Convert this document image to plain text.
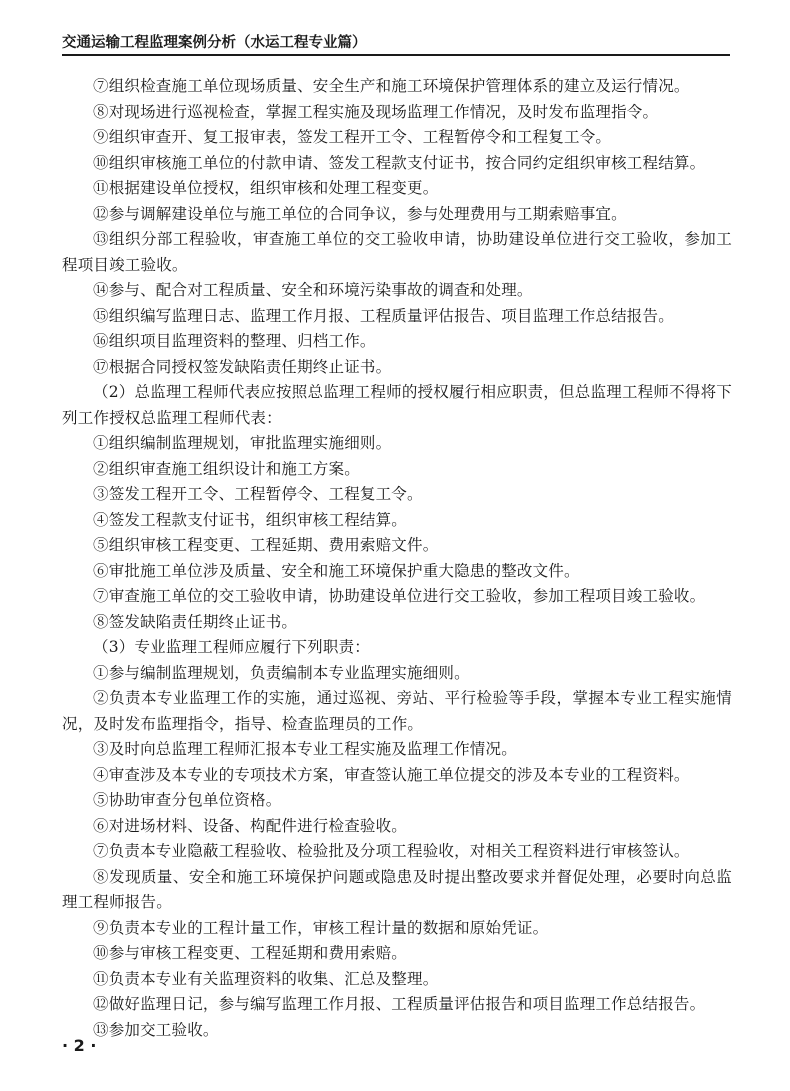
交通运输工程监理案例分析（水运工程专业篇）

⑦组织检查施工单位现场质量、安全生产和施工环境保护管理体系的建立及运行情况。

⑧对现场进行巡视检查，掌握工程实施及现场监理工作情况，及时发布监理指令。

⑨组织审查开、复工报审表，签发工程开工令、工程暂停令和工程复工令。

⑩组织审核施工单位的付款申请、签发工程款支付证书，按合同约定组织审核工程结算。

⑪根据建设单位授权，组织审核和处理工程变更。

⑫参与调解建设单位与施工单位的合同争议，参与处理费用与工期索赔事宜。

⑬组织分部工程验收，审查施工单位的交工验收申请，协助建设单位进行交工验收，参加工程项目竣工验收。

⑭参与、配合对工程质量、安全和环境污染事故的调查和处理。

⑮组织编写监理日志、监理工作月报、工程质量评估报告、项目监理工作总结报告。

⑯组织项目监理资料的整理、归档工作。

⑰根据合同授权签发缺陷责任期终止证书。

（2）总监理工程师代表应按照总监理工程师的授权履行相应职责，但总监理工程师不得将下列工作授权总监理工程师代表：

①组织编制监理规划，审批监理实施细则。

②组织审查施工组织设计和施工方案。

③签发工程开工令、工程暂停令、工程复工令。

④签发工程款支付证书，组织审核工程结算。

⑤组织审核工程变更、工程延期、费用索赔文件。

⑥审批施工单位涉及质量、安全和施工环境保护重大隐患的整改文件。

⑦审查施工单位的交工验收申请，协助建设单位进行交工验收，参加工程项目竣工验收。

⑧签发缺陷责任期终止证书。

（3）专业监理工程师应履行下列职责：

①参与编制监理规划，负责编制本专业监理实施细则。

②负责本专业监理工作的实施，通过巡视、旁站、平行检验等手段，掌握本专业工程实施情况，及时发布监理指令，指导、检查监理员的工作。

③及时向总监理工程师汇报本专业工程实施及监理工作情况。

④审查涉及本专业的专项技术方案，审查签认施工单位提交的涉及本专业的工程资料。

⑤协助审查分包单位资格。

⑥对进场材料、设备、构配件进行检查验收。

⑦负责本专业隐蔽工程验收、检验批及分项工程验收，对相关工程资料进行审核签认。

⑧发现质量、安全和施工环境保护问题或隐患及时提出整改要求并督促处理，必要时向总监理工程师报告。

⑨负责本专业的工程计量工作，审核工程计量的数据和原始凭证。

⑩参与审核工程变更、工程延期和费用索赔。

⑪负责本专业有关监理资料的收集、汇总及整理。

⑫做好监理日记，参与编写监理工作月报、工程质量评估报告和项目监理工作总结报告。

⑬参加交工验收。

· 2 ·
